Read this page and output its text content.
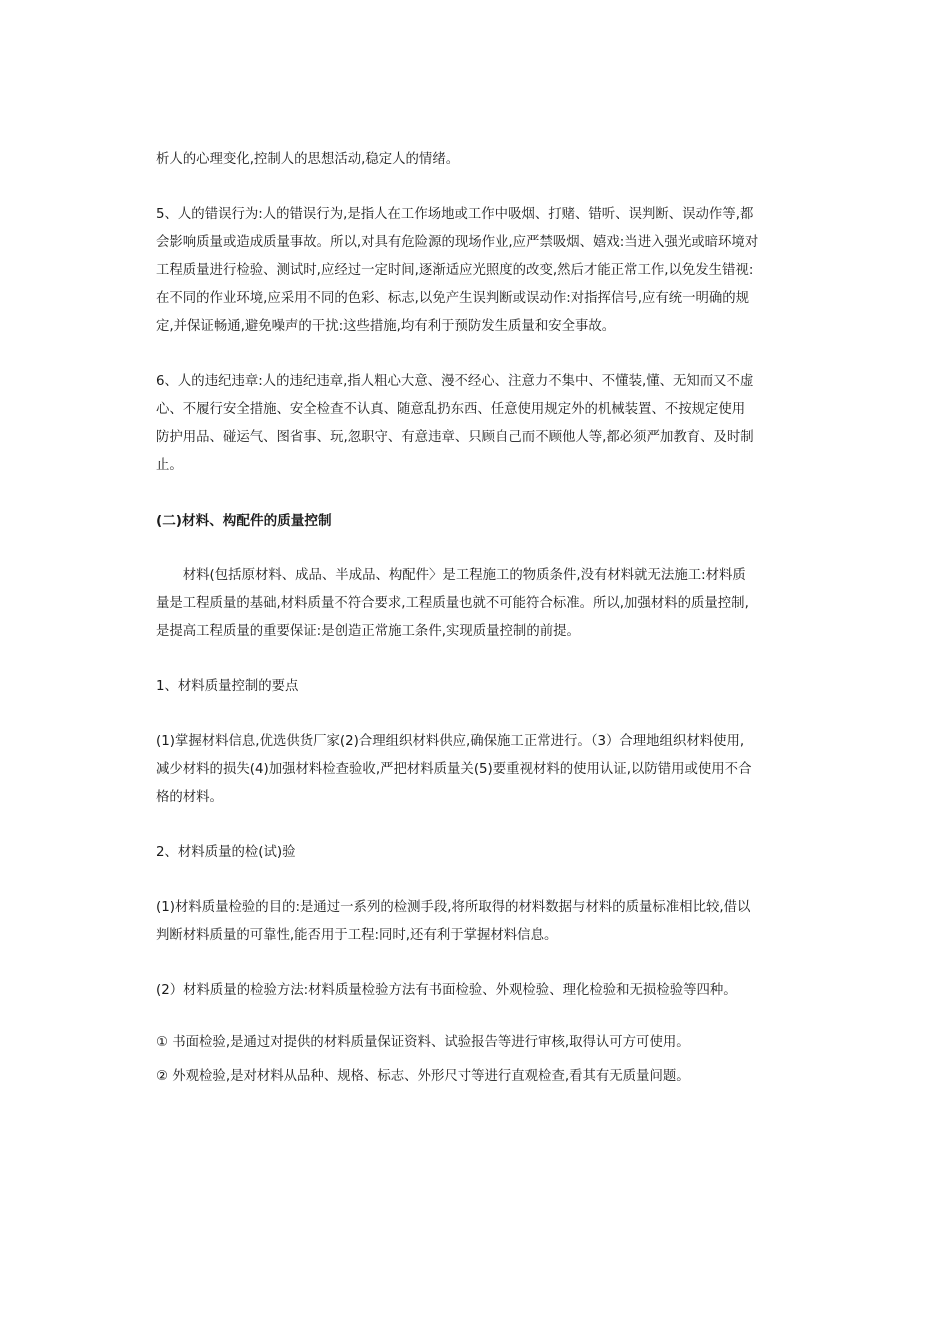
析人的心理变化,控制人的思想活动,稳定人的情绪。

5、人的错误行为:人的错误行为,是指人在工作场地或工作中吸烟、打赌、错听、误判断、误动作等,都
会影响质量或造成质量事故。所以,对具有危险源的现场作业,应严禁吸烟、嬉戏:当进入强光或暗环境对
工程质量进行检验、测试时,应经过一定时间,逐渐适应光照度的改变,然后才能正常工作,以免发生错视:
在不同的作业环境,应采用不同的色彩、标志,以免产生误判断或误动作:对指挥信号,应有统一明确的规
定,并保证畅通,避免噪声的干扰:这些措施,均有利于预防发生质量和安全事故。

6、人的违纪违章:人的违纪违章,指人粗心大意、漫不经心、注意力不集中、不懂装,懂、无知而又不虚
心、不履行安全措施、安全检查不认真、随意乱扔东西、任意使用规定外的机械装置、不按规定使用
防护用品、碰运气、图省事、玩,忽职守、有意违章、只顾自己而不顾他人等,都必须严加教育、及时制
止。

(二)材料、构配件的质量控制

　　材料(包括原材料、成品、半成品、构配件〉是工程施工的物质条件,没有材料就无法施工:材料质
量是工程质量的基础,材料质量不符合要求,工程质量也就不可能符合标准。所以,加强材料的质量控制,
是提高工程质量的重要保证:是创造正常施工条件,实现质量控制的前提。

1、材料质量控制的要点

(1)掌握材料信息,优选供货厂家(2)合理组织材料供应,确保施工正常进行。（3）合理地组织材料使用,
减少材料的损失(4)加强材料检查验收,严把材料质量关(5)要重视材料的使用认证,以防错用或使用不合
格的材料。

2、材料质量的检(试)验

(1)材料质量检验的目的:是通过一系列的检测手段,将所取得的材料数据与材料的质量标准相比较,借以
判断材料质量的可靠性,能否用于工程:同时,还有利于掌握材料信息。

(2）材料质量的检验方法:材料质量检验方法有书面检验、外观检验、理化检验和无损检验等四种。

① 书面检验,是通过对提供的材料质量保证资料、试验报告等进行审核,取得认可方可使用。

② 外观检验,是对材料从品种、规格、标志、外形尺寸等进行直观检查,看其有无质量问题。
